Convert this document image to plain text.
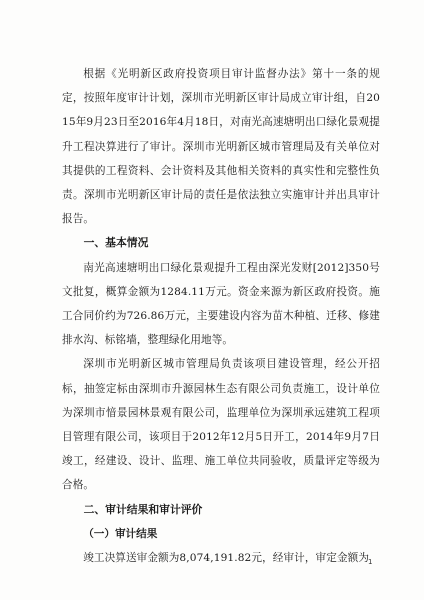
根据《光明新区政府投资项目审计监督办法》第十一条的规定，按照年度审计计划，深圳市光明新区审计局成立审计组，自2015年9月23日至2016年4月18日，对南光高速塘明出口绿化景观提升工程决算进行了审计。深圳市光明新区城市管理局及有关单位对其提供的工程资料、会计资料及其他相关资料的真实性和完整性负责。深圳市光明新区审计局的责任是依法独立实施审计并出具审计报告。

一、基本情况

南光高速塘明出口绿化景观提升工程由深光发财[2012]350号文批复，概算金额为1284.11万元。资金来源为新区政府投资。施工合同价约为726.86万元，主要建设内容为苗木种植、迁移、修建排水沟、标铭墙，整理绿化用地等。

深圳市光明新区城市管理局负责该项目建设管理，经公开招标，抽签定标由深圳市升源园林生态有限公司负责施工，设计单位为深圳市愔景园林景观有限公司，监理单位为深圳承远建筑工程项目管理有限公司，该项目于2012年12月5日开工，2014年9月7日竣工，经建设、设计、监理、施工单位共同验收，质量评定等级为合格。

二、审计结果和审计评价

（一）审计结果

竣工决算送审金额为8,074,191.82元，经审计，审定金额为

1
